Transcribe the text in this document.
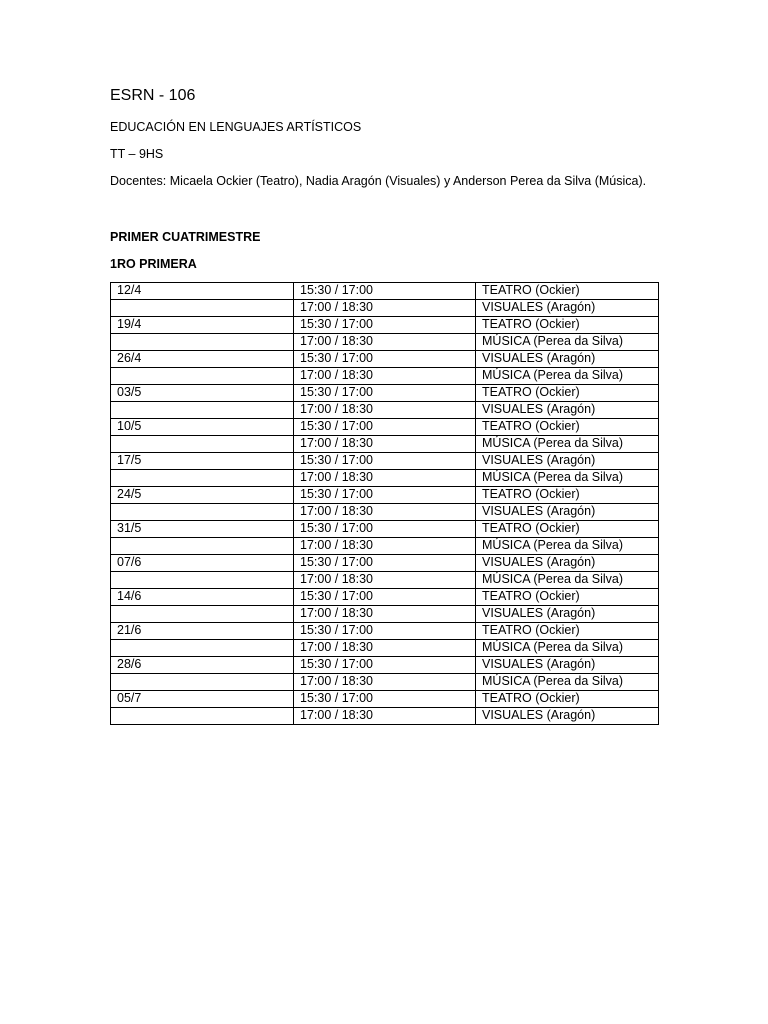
ESRN - 106
EDUCACIÓN EN LENGUAJES ARTÍSTICOS
TT – 9HS
Docentes: Micaela Ockier (Teatro), Nadia Aragón (Visuales) y Anderson Perea da Silva (Música).
PRIMER CUATRIMESTRE
1RO PRIMERA
12/4	15:30 / 17:00	TEATRO (Ockier)
	17:00 / 18:30	VISUALES (Aragón)
19/4	15:30 / 17:00	TEATRO (Ockier)
	17:00 / 18:30	MÚSICA (Perea da Silva)
26/4	15:30 / 17:00	VISUALES (Aragón)
	17:00 / 18:30	MÚSICA (Perea da Silva)
03/5	15:30 / 17:00	TEATRO (Ockier)
	17:00 / 18:30	VISUALES (Aragón)
10/5	15:30 / 17:00	TEATRO (Ockier)
	17:00 / 18:30	MÚSICA (Perea da Silva)
17/5	15:30 / 17:00	VISUALES (Aragón)
	17:00 / 18:30	MÚSICA (Perea da Silva)
24/5	15:30 / 17:00	TEATRO (Ockier)
	17:00 / 18:30	VISUALES (Aragón)
31/5	15:30 / 17:00	TEATRO (Ockier)
	17:00 / 18:30	MÚSICA (Perea da Silva)
07/6	15:30 / 17:00	VISUALES (Aragón)
	17:00 / 18:30	MÚSICA (Perea da Silva)
14/6	15:30 / 17:00	TEATRO (Ockier)
	17:00 / 18:30	VISUALES (Aragón)
21/6	15:30 / 17:00	TEATRO (Ockier)
	17:00 / 18:30	MÚSICA (Perea da Silva)
28/6	15:30 / 17:00	VISUALES (Aragón)
	17:00 / 18:30	MÚSICA (Perea da Silva)
05/7	15:30 / 17:00	TEATRO (Ockier)
	17:00 / 18:30	VISUALES (Aragón)
